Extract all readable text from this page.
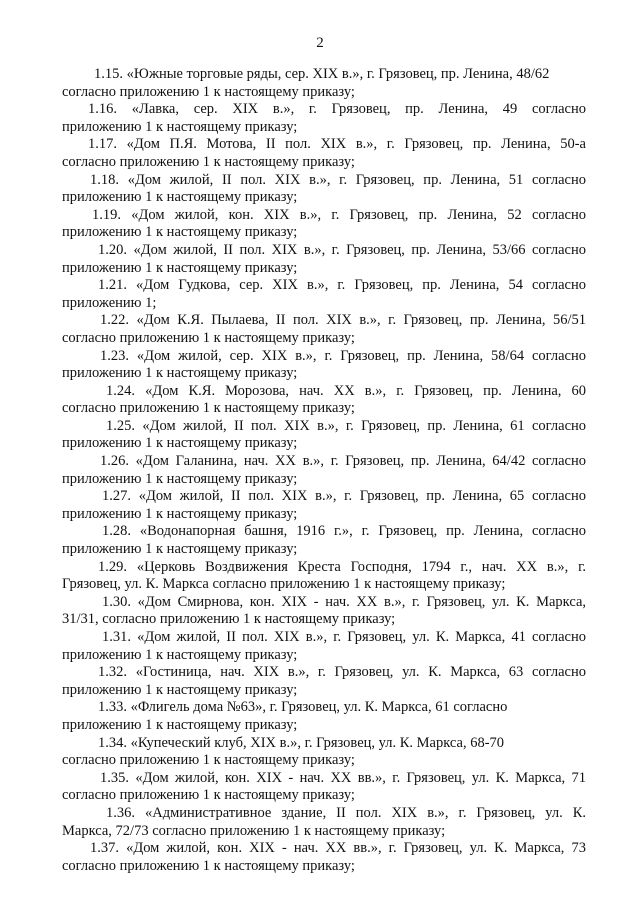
2
1.15. «Южные торговые ряды, сер. XIX в.», г. Грязовец, пр. Ленина, 48/62
согласно приложению 1 к настоящему приказу;
1.16. «Лавка, сер. XIX в.», г. Грязовец, пр. Ленина, 49 согласно
приложению 1 к настоящему приказу;
1.17. «Дом П.Я. Мотова, II пол. XIX в.», г. Грязовец, пр. Ленина, 50-а
согласно приложению 1 к настоящему приказу;
1.18. «Дом жилой, II пол. XIX в.», г. Грязовец, пр. Ленина, 51 согласно
приложению 1 к настоящему приказу;
1.19. «Дом жилой, кон. XIX в.», г. Грязовец, пр. Ленина, 52 согласно
приложению 1 к настоящему приказу;
1.20. «Дом жилой, II пол. XIX в.», г. Грязовец, пр. Ленина, 53/66 согласно
приложению 1 к настоящему приказу;
1.21. «Дом Гудкова, сер. XIX в.», г. Грязовец, пр. Ленина, 54 согласно
приложению 1;
1.22. «Дом К.Я. Пылаева, II пол. XIX в.», г. Грязовец, пр. Ленина, 56/51
согласно приложению 1 к настоящему приказу;
1.23. «Дом жилой, сер. XIX в.», г. Грязовец, пр. Ленина, 58/64 согласно
приложению 1 к настоящему приказу;
1.24. «Дом К.Я. Морозова, нач. XX в.», г. Грязовец, пр. Ленина, 60
согласно приложению 1 к настоящему приказу;
1.25. «Дом жилой, II пол. XIX в.», г. Грязовец, пр. Ленина, 61 согласно
приложению 1 к настоящему приказу;
1.26. «Дом Галанина, нач. XX в.», г. Грязовец, пр. Ленина, 64/42 согласно
приложению 1 к настоящему приказу;
1.27. «Дом жилой, II пол. XIX в.», г. Грязовец, пр. Ленина, 65 согласно
приложению 1 к настоящему приказу;
1.28. «Водонапорная башня, 1916 г.», г. Грязовец, пр. Ленина, согласно
приложению 1 к настоящему приказу;
1.29. «Церковь Воздвижения Креста Господня, 1794 г., нач. XX в.», г.
Грязовец, ул. К. Маркса согласно приложению 1 к настоящему приказу;
1.30. «Дом Смирнова, кон. XIX - нач. XX в.», г. Грязовец, ул. К. Маркса,
31/31, согласно приложению 1 к настоящему приказу;
1.31. «Дом жилой, II пол. XIX в.», г. Грязовец, ул. К. Маркса, 41 согласно
приложению 1 к настоящему приказу;
1.32. «Гостиница, нач. XIX в.», г. Грязовец, ул. К. Маркса, 63 согласно
приложению 1 к настоящему приказу;
1.33. «Флигель дома №63», г. Грязовец, ул. К. Маркса, 61 согласно
приложению 1 к настоящему приказу;
1.34. «Купеческий клуб, XIX в.», г. Грязовец, ул. К. Маркса, 68-70
согласно приложению 1 к настоящему приказу;
1.35. «Дом жилой, кон. XIX - нач. XX вв.», г. Грязовец, ул. К. Маркса, 71
согласно приложению 1 к настоящему приказу;
1.36. «Административное здание, II пол. XIX в.», г. Грязовец, ул. К.
Маркса, 72/73 согласно приложению 1 к настоящему приказу;
1.37. «Дом жилой, кон. XIX - нач. XX вв.», г. Грязовец, ул. К. Маркса, 73
согласно приложению 1 к настоящему приказу;
